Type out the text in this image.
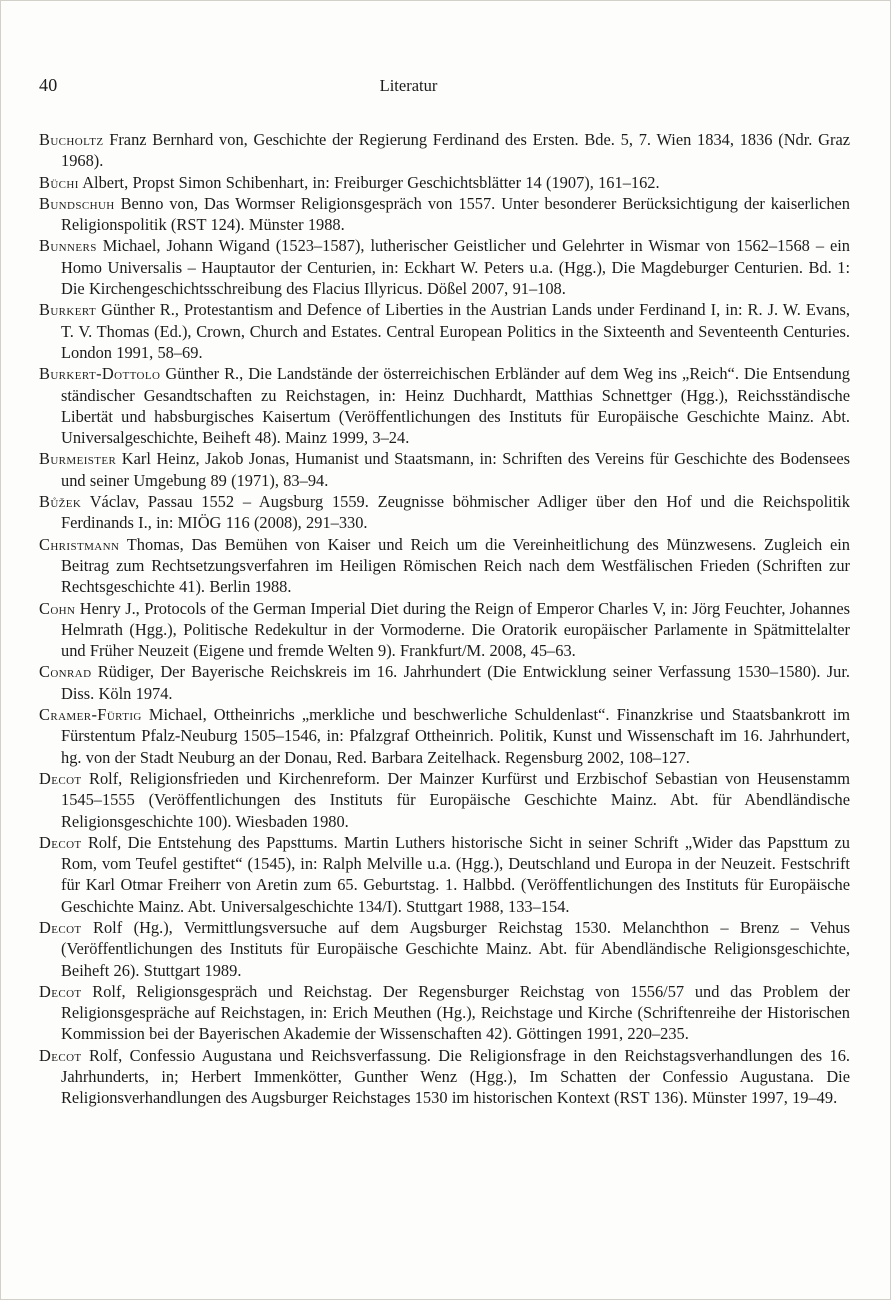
40	Literatur

Bucholtz Franz Bernhard von, Geschichte der Regierung Ferdinand des Ersten. Bde. 5, 7. Wien 1834, 1836 (Ndr. Graz 1968).

Büchi Albert, Propst Simon Schibenhart, in: Freiburger Geschichtsblätter 14 (1907), 161–162.

Bundschuh Benno von, Das Wormser Religionsgespräch von 1557. Unter besonderer Berücksichtigung der kaiserlichen Religionspolitik (RST 124). Münster 1988.

Bunners Michael, Johann Wigand (1523–1587), lutherischer Geistlicher und Gelehrter in Wismar von 1562–1568 – ein Homo Universalis – Hauptautor der Centurien, in: Eckhart W. Peters u.a. (Hgg.), Die Magdeburger Centurien. Bd. 1: Die Kirchengeschichtsschreibung des Flacius Illyricus. Dößel 2007, 91–108.

Burkert Günther R., Protestantism and Defence of Liberties in the Austrian Lands under Ferdinand I, in: R. J. W. Evans, T. V. Thomas (Ed.), Crown, Church and Estates. Central European Politics in the Sixteenth and Seventeenth Centuries. London 1991, 58–69.

Burkert-Dottolo Günther R., Die Landstände der österreichischen Erbländer auf dem Weg ins „Reich“. Die Entsendung ständischer Gesandtschaften zu Reichstagen, in: Heinz Duchhardt, Matthias Schnettger (Hgg.), Reichsständische Libertät und habsburgisches Kaisertum (Veröffentlichungen des Instituts für Europäische Geschichte Mainz. Abt. Universalgeschichte, Beiheft 48). Mainz 1999, 3–24.

Burmeister Karl Heinz, Jakob Jonas, Humanist und Staatsmann, in: Schriften des Vereins für Geschichte des Bodensees und seiner Umgebung 89 (1971), 83–94.

Bůžek Václav, Passau 1552 – Augsburg 1559. Zeugnisse böhmischer Adliger über den Hof und die Reichspolitik Ferdinands I., in: MIÖG 116 (2008), 291–330.

Christmann Thomas, Das Bemühen von Kaiser und Reich um die Vereinheitlichung des Münzwesens. Zugleich ein Beitrag zum Rechtsetzungsverfahren im Heiligen Römischen Reich nach dem Westfälischen Frieden (Schriften zur Rechtsgeschichte 41). Berlin 1988.

Cohn Henry J., Protocols of the German Imperial Diet during the Reign of Emperor Charles V, in: Jörg Feuchter, Johannes Helmrath (Hgg.), Politische Redekultur in der Vormoderne. Die Oratorik europäischer Parlamente in Spätmittelalter und Früher Neuzeit (Eigene und fremde Welten 9). Frankfurt/M. 2008, 45–63.

Conrad Rüdiger, Der Bayerische Reichskreis im 16. Jahrhundert (Die Entwicklung seiner Verfassung 1530–1580). Jur. Diss. Köln 1974.

Cramer-Fürtig Michael, Ottheinrichs „merkliche und beschwerliche Schuldenlast“. Finanzkrise und Staatsbankrott im Fürstentum Pfalz-Neuburg 1505–1546, in: Pfalzgraf Ottheinrich. Politik, Kunst und Wissenschaft im 16. Jahrhundert, hg. von der Stadt Neuburg an der Donau, Red. Barbara Zeitelhack. Regensburg 2002, 108–127.

Decot Rolf, Religionsfrieden und Kirchenreform. Der Mainzer Kurfürst und Erzbischof Sebastian von Heusenstamm 1545–1555 (Veröffentlichungen des Instituts für Europäische Geschichte Mainz. Abt. für Abendländische Religionsgeschichte 100). Wiesbaden 1980.

Decot Rolf, Die Entstehung des Papsttums. Martin Luthers historische Sicht in seiner Schrift „Wider das Papsttum zu Rom, vom Teufel gestiftet“ (1545), in: Ralph Melville u.a. (Hgg.), Deutschland und Europa in der Neuzeit. Festschrift für Karl Otmar Freiherr von Aretin zum 65. Geburtstag. 1. Halbbd. (Veröffentlichungen des Instituts für Europäische Geschichte Mainz. Abt. Universalgeschichte 134/I). Stuttgart 1988, 133–154.

Decot Rolf (Hg.), Vermittlungsversuche auf dem Augsburger Reichstag 1530. Melanchthon – Brenz – Vehus (Veröffentlichungen des Instituts für Europäische Geschichte Mainz. Abt. für Abendländische Religionsgeschichte, Beiheft 26). Stuttgart 1989.

Decot Rolf, Religionsgespräch und Reichstag. Der Regensburger Reichstag von 1556/57 und das Problem der Religionsgespräche auf Reichstagen, in: Erich Meuthen (Hg.), Reichstage und Kirche (Schriftenreihe der Historischen Kommission bei der Bayerischen Akademie der Wissenschaften 42). Göttingen 1991, 220–235.

Decot Rolf, Confessio Augustana und Reichsverfassung. Die Religionsfrage in den Reichstagsverhandlungen des 16. Jahrhunderts, in; Herbert Immenkötter, Gunther Wenz (Hgg.), Im Schatten der Confessio Augustana. Die Religionsverhandlungen des Augsburger Reichstages 1530 im historischen Kontext (RST 136). Münster 1997, 19–49.
